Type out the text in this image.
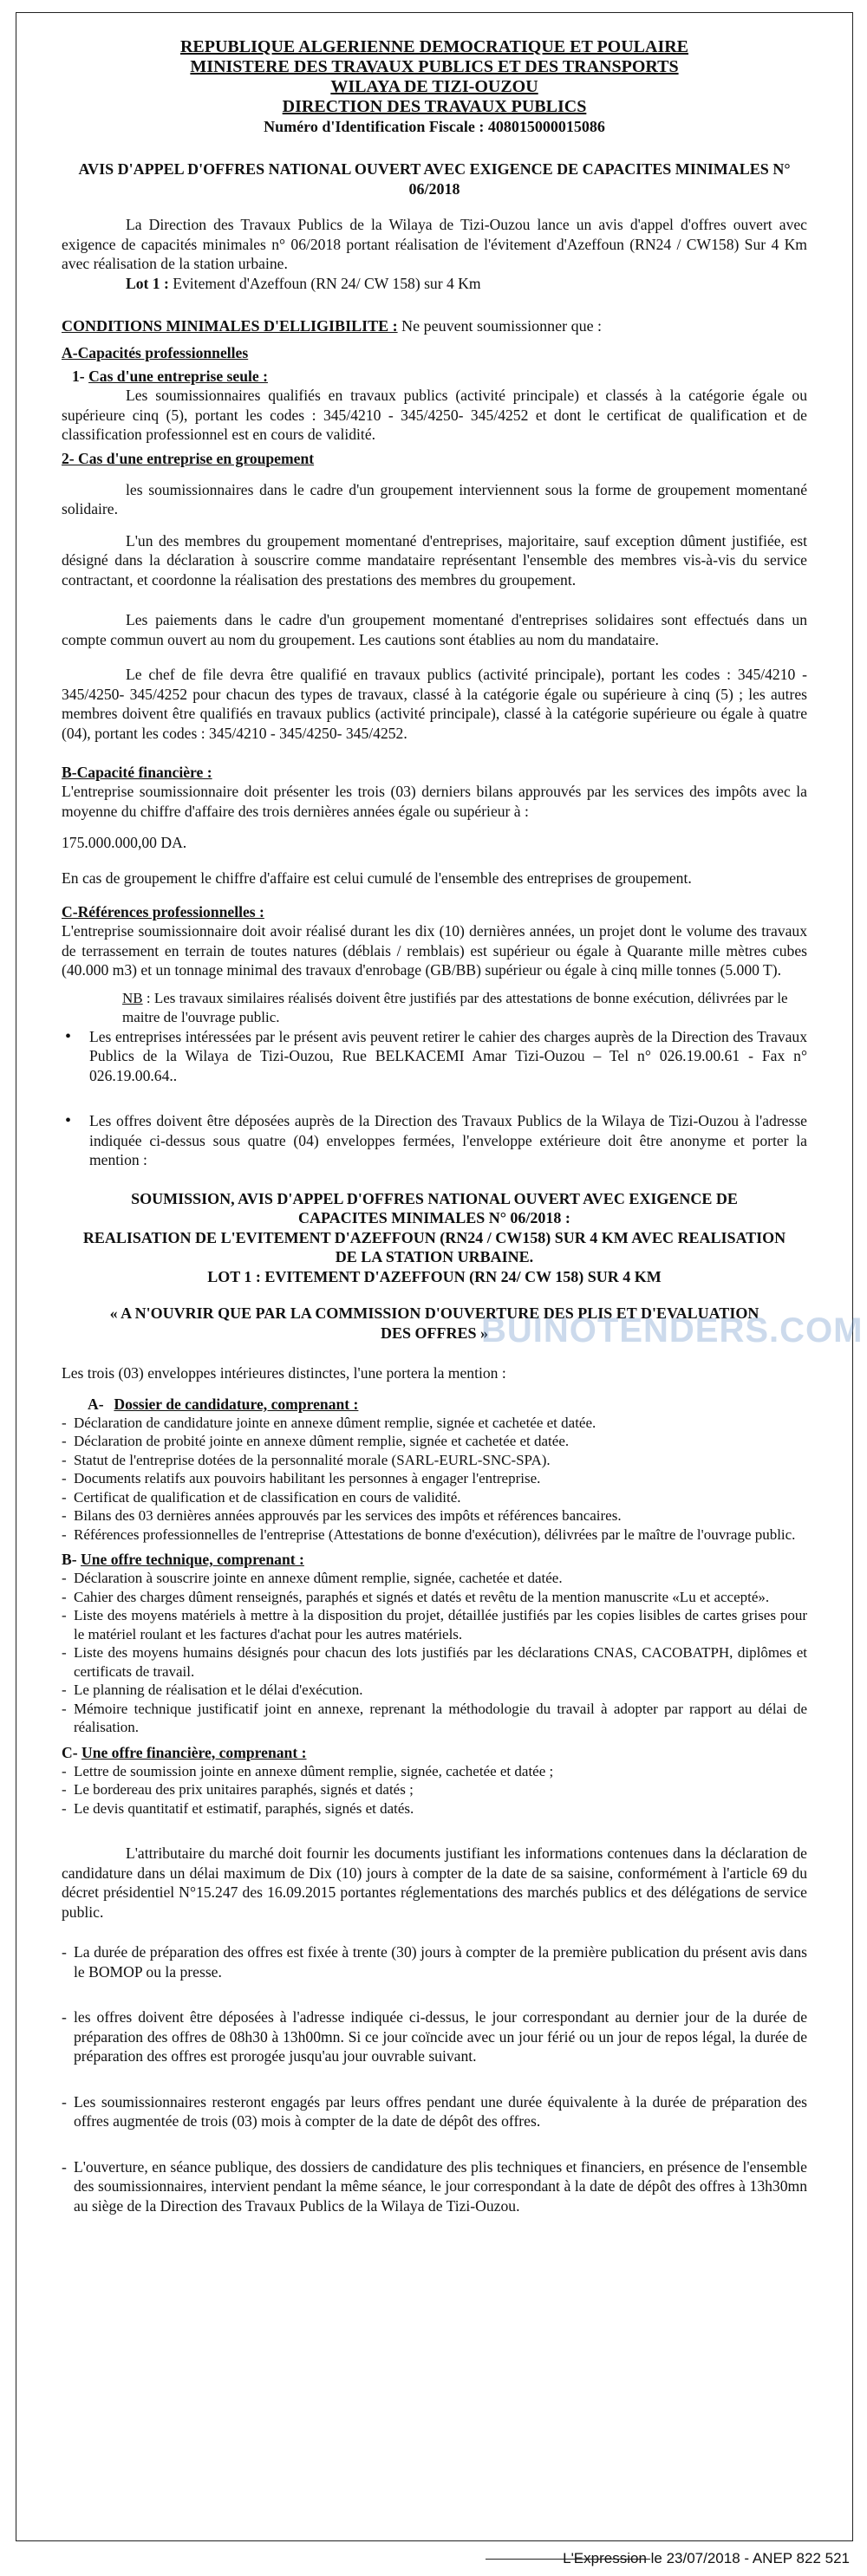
REPUBLIQUE ALGERIENNE DEMOCRATIQUE ET POULAIRE
MINISTERE DES TRAVAUX PUBLICS ET DES TRANSPORTS
WILAYA DE TIZI-OUZOU
DIRECTION DES TRAVAUX PUBLICS
Numéro d'Identification Fiscale : 408015000015086
AVIS D'APPEL D'OFFRES NATIONAL OUVERT AVEC EXIGENCE DE CAPACITES MINIMALES N° 06/2018

La Direction des Travaux Publics de la Wilaya de Tizi-Ouzou lance un avis d'appel d'offres ouvert avec exigence de capacités minimales n° 06/2018 portant réalisation de l'évitement d'Azeffoun (RN24 / CW158) Sur 4 Km avec réalisation de la station urbaine.

Lot 1 : Evitement d'Azeffoun (RN 24/ CW 158) sur 4 Km
CONDITIONS MINIMALES D'ELLIGIBILITE : Ne peuvent soumissionner que :
A-Capacités professionnelles
1- Cas d'une entreprise seule :

Les soumissionnaires qualifiés en travaux publics (activité principale) et classés à la catégorie égale ou supérieure cinq (5), portant les codes : 345/4210 - 345/4250- 345/4252 et dont le certificat de qualification et de classification professionnel est en cours de validité.

2- Cas d'une entreprise en groupement

les soumissionnaires dans le cadre d'un groupement interviennent sous la forme de groupement momentané solidaire.

L'un des membres du groupement momentané d'entreprises, majoritaire, sauf exception dûment justifiée, est désigné dans la déclaration à souscrire comme mandataire représentant l'ensemble des membres vis-à-vis du service contractant, et coordonne la réalisation des prestations des membres du groupement.

Les paiements dans le cadre d'un groupement momentané d'entreprises solidaires sont effectués dans un compte commun ouvert au nom du groupement. Les cautions sont établies au nom du mandataire.

Le chef de file devra être qualifié en travaux publics (activité principale), portant les codes : 345/4210 - 345/4250- 345/4252 pour chacun des types de travaux, classé à la catégorie égale ou supérieure à cinq (5) ; les autres membres doivent être qualifiés en travaux publics (activité principale), classé à la catégorie supérieure ou égale à quatre (04), portant les codes : 345/4210 - 345/4250- 345/4252.

B-Capacité financière :

L'entreprise soumissionnaire doit présenter les trois (03) derniers bilans approuvés par les services des impôts avec la moyenne du chiffre d'affaire des trois dernières années égale ou supérieur à :

175.000.000,00 DA.

En cas de groupement le chiffre d'affaire est celui cumulé de l'ensemble des entreprises de groupement.

C-Références professionnelles :

L'entreprise soumissionnaire doit avoir réalisé durant les dix (10) dernières années, un projet dont le volume des travaux de terrassement en terrain de toutes natures (déblais / remblais) est supérieur ou égale à Quarante mille mètres cubes (40.000 m3) et un tonnage minimal des travaux d'enrobage (GB/BB) supérieur ou égale à cinq mille tonnes (5.000 T).

NB : Les travaux similaires réalisés doivent être justifiés par des attestations de bonne exécution, délivrées par le maitre de l'ouvrage public.
• Les entreprises intéressées par le présent avis peuvent retirer le cahier des charges auprès de la Direction des Travaux Publics de la Wilaya de Tizi-Ouzou, Rue BELKACEMI Amar Tizi-Ouzou – Tel n° 026.19.00.61 - Fax n° 026.19.00.64..
• Les offres doivent être déposées auprès de la Direction des Travaux Publics de la Wilaya de Tizi-Ouzou à l'adresse indiquée ci-dessus sous quatre (04) enveloppes fermées, l'enveloppe extérieure doit être anonyme et porter la mention :
SOUMISSION, AVIS D'APPEL D'OFFRES NATIONAL OUVERT AVEC EXIGENCE DE
CAPACITES MINIMALES N° 06/2018 :
REALISATION DE L'EVITEMENT D'AZEFFOUN (RN24 / CW158) SUR 4 KM AVEC REALISATION
DE LA STATION URBAINE.
LOT 1 : EVITEMENT D'AZEFFOUN (RN 24/ CW 158) SUR 4 KM
« A N'OUVRIR QUE PAR LA COMMISSION D'OUVERTURE DES PLIS ET D'EVALUATION
DES OFFRES »

Les trois (03) enveloppes intérieures distinctes, l'une portera la mention :

A- Dossier de candidature, comprenant :
- Déclaration de candidature jointe en annexe dûment remplie, signée et cachetée et datée.
- Déclaration de probité jointe en annexe dûment remplie, signée et cachetée et datée.
- Statut de l'entreprise dotées de la personnalité morale (SARL-EURL-SNC-SPA).
- Documents relatifs aux pouvoirs habilitant les personnes à engager l'entreprise.
- Certificat de qualification et de classification en cours de validité.
- Bilans des 03 dernières années approuvés par les services des impôts et références bancaires.
- Références professionnelles de l'entreprise (Attestations de bonne d'exécution), délivrées par le maître de l'ouvrage public.
B- Une offre technique, comprenant :
- Déclaration à souscrire jointe en annexe dûment remplie, signée, cachetée et datée.
- Cahier des charges dûment renseignés, paraphés et signés et datés et revêtu de la mention manuscrite «Lu et accepté».
- Liste des moyens matériels à mettre à la disposition du projet, détaillée justifiés par les copies lisibles de cartes grises pour le matériel roulant et les factures d'achat pour les autres matériels.
- Liste des moyens humains désignés pour chacun des lots justifiés par les déclarations CNAS, CACOBATPH, diplômes et certificats de travail.
- Le planning de réalisation et le délai d'exécution.
- Mémoire technique justificatif joint en annexe, reprenant la méthodologie du travail à adopter par rapport au délai de réalisation.
C- Une offre financière, comprenant :
- Lettre de soumission jointe en annexe dûment remplie, signée, cachetée et datée ;
- Le bordereau des prix unitaires paraphés, signés et datés ;
- Le devis quantitatif et estimatif, paraphés, signés et datés.

L'attributaire du marché doit fournir les documents justifiant les informations contenues dans la déclaration de candidature dans un délai maximum de Dix (10) jours à compter de la date de sa saisine, conformément à l'article 69 du décret présidentiel N°15.247 des 16.09.2015 portantes réglementations des marchés publics et des délégations de service public.

- La durée de préparation des offres est fixée à trente (30) jours à compter de la première publication du présent avis dans le BOMOP ou la presse.
- les offres doivent être déposées à l'adresse indiquée ci-dessus, le jour correspondant au dernier jour de la durée de préparation des offres de 08h30 à 13h00mn. Si ce jour coïncide avec un jour férié ou un jour de repos légal, la durée de préparation des offres est prorogée jusqu'au jour ouvrable suivant.
- Les soumissionnaires resteront engagés par leurs offres pendant une durée équivalente à la durée de préparation des offres augmentée de trois (03) mois à compter de la date de dépôt des offres.
- L'ouverture, en séance publique, des dossiers de candidature des plis techniques et financiers, en présence de l'ensemble des soumissionnaires, intervient pendant la même séance, le jour correspondant à la date de dépôt des offres à 13h30mn au siège de la Direction des Travaux Publics de la Wilaya de Tizi-Ouzou.
BUINOTENDERS.COM
L'Expression le 23/07/2018 - ANEP 822 521
